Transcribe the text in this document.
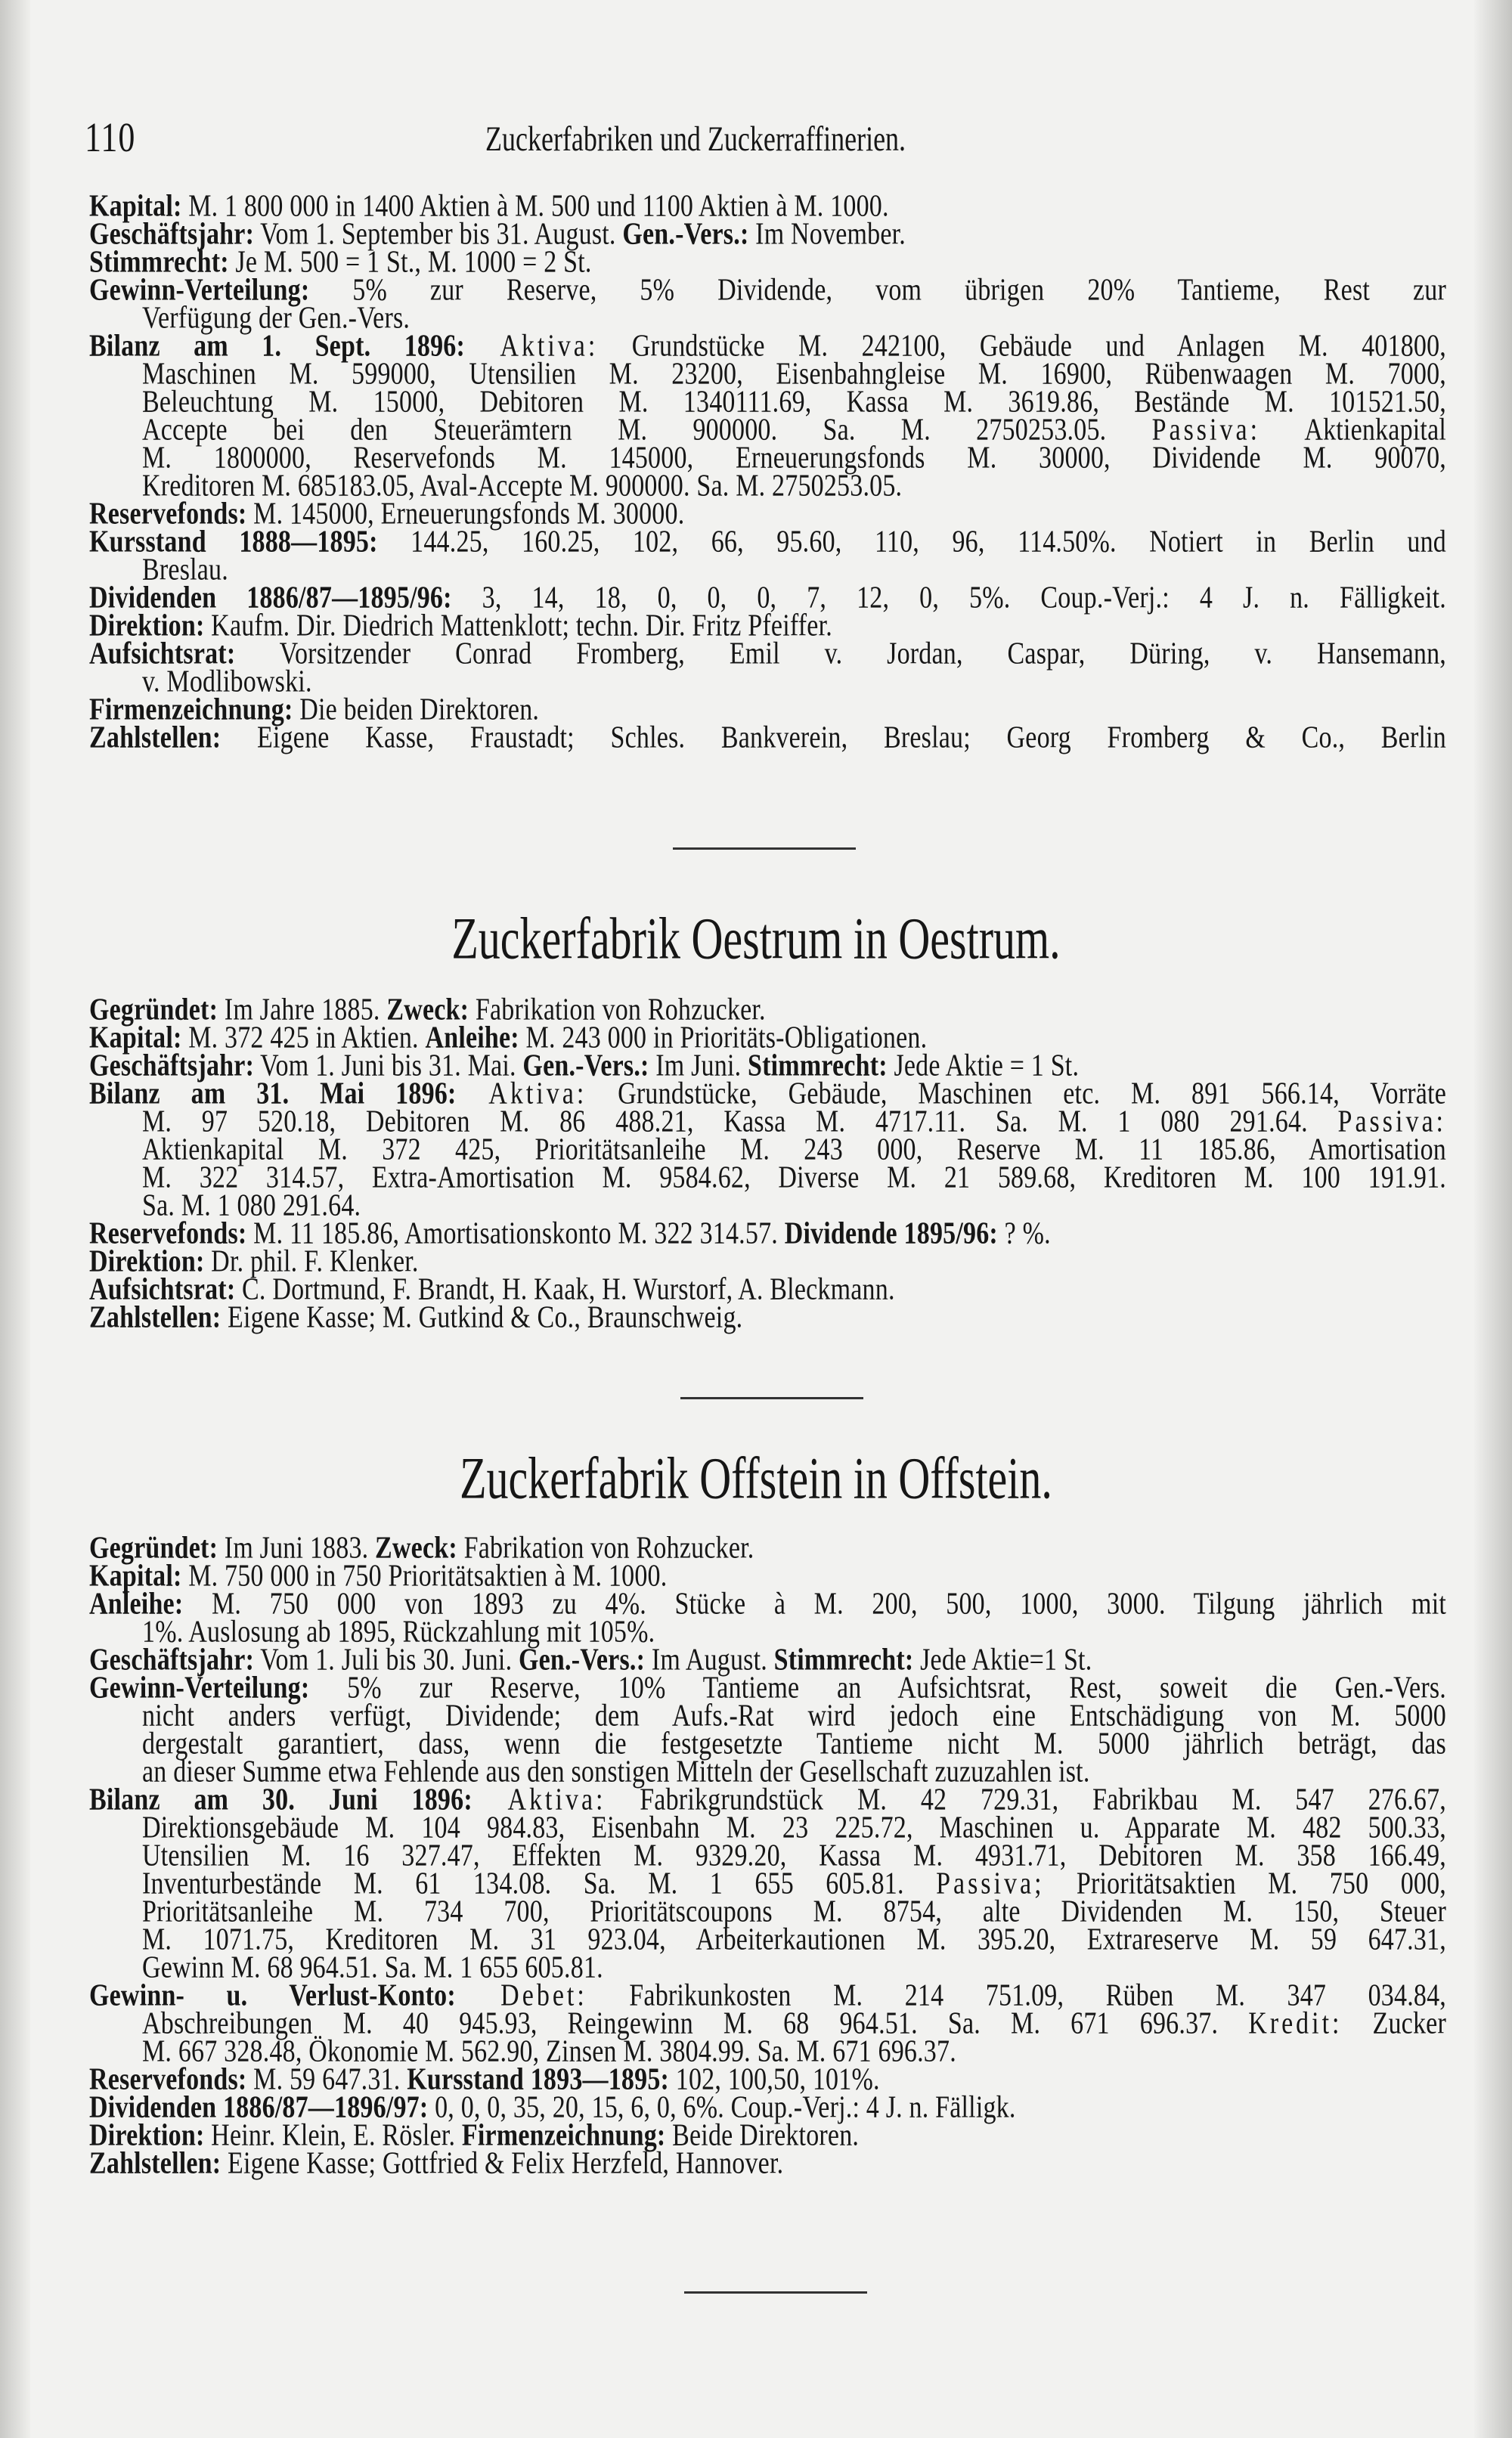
110	Zuckerfabriken und Zuckerraffinerien.
Kapital: M. 1 800 000 in 1400 Aktien à M. 500 und 1100 Aktien à M. 1000.
Geschäftsjahr: Vom 1. September bis 31. August. Gen.-Vers.: Im November.
Stimmrecht: Je M. 500 = 1 St., M. 1000 = 2 St.
Gewinn-Verteilung: 5% zur Reserve, 5% Dividende, vom übrigen 20% Tantieme, Rest zur
Verfügung der Gen.-Vers.
Bilanz am 1. Sept. 1896: Aktiva: Grundstücke M. 242100, Gebäude und Anlagen M. 401800,
Maschinen M. 599000, Utensilien M. 23200, Eisenbahngleise M. 16900, Rübenwaagen M. 7000,
Beleuchtung M. 15000, Debitoren M. 1340111.69, Kassa M. 3619.86, Bestände M. 101521.50,
Accepte bei den Steuerämtern M. 900000. Sa. M. 2750253.05. Passiva: Aktienkapital
M. 1800000, Reservefonds M. 145000, Erneuerungsfonds M. 30000, Dividende M. 90070,
Kreditoren M. 685183.05, Aval-Accepte M. 900000. Sa. M. 2750253.05.
Reservefonds: M. 145000, Erneuerungsfonds M. 30000.
Kursstand 1888—1895: 144.25, 160.25, 102, 66, 95.60, 110, 96, 114.50%. Notiert in Berlin und
Breslau.
Dividenden 1886/87—1895/96: 3, 14, 18, 0, 0, 0, 7, 12, 0, 5%. Coup.-Verj.: 4 J. n. Fälligkeit.
Direktion: Kaufm. Dir. Diedrich Mattenklott; techn. Dir. Fritz Pfeiffer.
Aufsichtsrat: Vorsitzender Conrad Fromberg, Emil v. Jordan, Caspar, Düring, v. Hansemann,
v. Modlibowski.
Firmenzeichnung: Die beiden Direktoren.
Zahlstellen: Eigene Kasse, Fraustadt; Schles. Bankverein, Breslau; Georg Fromberg & Co., Berlin
Zuckerfabrik Oestrum in Oestrum.
Gegründet: Im Jahre 1885. Zweck: Fabrikation von Rohzucker.
Kapital: M. 372 425 in Aktien. Anleihe: M. 243 000 in Prioritäts-Obligationen.
Geschäftsjahr: Vom 1. Juni bis 31. Mai. Gen.-Vers.: Im Juni. Stimmrecht: Jede Aktie = 1 St.
Bilanz am 31. Mai 1896: Aktiva: Grundstücke, Gebäude, Maschinen etc. M. 891 566.14, Vorräte
M. 97 520.18, Debitoren M. 86 488.21, Kassa M. 4717.11. Sa. M. 1 080 291.64. Passiva:
Aktienkapital M. 372 425, Prioritätsanleihe M. 243 000, Reserve M. 11 185.86, Amortisation
M. 322 314.57, Extra-Amortisation M. 9584.62, Diverse M. 21 589.68, Kreditoren M. 100 191.91.
Sa. M. 1 080 291.64.
Reservefonds: M. 11 185.86, Amortisationskonto M. 322 314.57. Dividende 1895/96: ? %.
Direktion: Dr. phil. F. Klenker.
Aufsichtsrat: C. Dortmund, F. Brandt, H. Kaak, H. Wurstorf, A. Bleckmann.
Zahlstellen: Eigene Kasse; M. Gutkind & Co., Braunschweig.
Zuckerfabrik Offstein in Offstein.
Gegründet: Im Juni 1883. Zweck: Fabrikation von Rohzucker.
Kapital: M. 750 000 in 750 Prioritätsaktien à M. 1000.
Anleihe: M. 750 000 von 1893 zu 4%. Stücke à M. 200, 500, 1000, 3000. Tilgung jährlich mit
1%. Auslosung ab 1895, Rückzahlung mit 105%.
Geschäftsjahr: Vom 1. Juli bis 30. Juni. Gen.-Vers.: Im August. Stimmrecht: Jede Aktie=1 St.
Gewinn-Verteilung: 5% zur Reserve, 10% Tantieme an Aufsichtsrat, Rest, soweit die Gen.-Vers.
nicht anders verfügt, Dividende; dem Aufs.-Rat wird jedoch eine Entschädigung von M. 5000
dergestalt garantiert, dass, wenn die festgesetzte Tantieme nicht M. 5000 jährlich beträgt, das
an dieser Summe etwa Fehlende aus den sonstigen Mitteln der Gesellschaft zuzuzahlen ist.
Bilanz am 30. Juni 1896: Aktiva: Fabrikgrundstück M. 42 729.31, Fabrikbau M. 547 276.67,
Direktionsgebäude M. 104 984.83, Eisenbahn M. 23 225.72, Maschinen u. Apparate M. 482 500.33,
Utensilien M. 16 327.47, Effekten M. 9329.20, Kassa M. 4931.71, Debitoren M. 358 166.49,
Inventurbestände M. 61 134.08. Sa. M. 1 655 605.81. Passiva; Prioritätsaktien M. 750 000,
Prioritätsanleihe M. 734 700, Prioritätscoupons M. 8754, alte Dividenden M. 150, Steuer
M. 1071.75, Kreditoren M. 31 923.04, Arbeiterkautionen M. 395.20, Extrareserve M. 59 647.31,
Gewinn M. 68 964.51. Sa. M. 1 655 605.81.
Gewinn- u. Verlust-Konto: Debet: Fabrikunkosten M. 214 751.09, Rüben M. 347 034.84,
Abschreibungen M. 40 945.93, Reingewinn M. 68 964.51. Sa. M. 671 696.37. Kredit: Zucker
M. 667 328.48, Ökonomie M. 562.90, Zinsen M. 3804.99. Sa. M. 671 696.37.
Reservefonds: M. 59 647.31. Kursstand 1893—1895: 102, 100,50, 101%.
Dividenden 1886/87—1896/97: 0, 0, 0, 35, 20, 15, 6, 0, 6%. Coup.-Verj.: 4 J. n. Fälligk.
Direktion: Heinr. Klein, E. Rösler. Firmenzeichnung: Beide Direktoren.
Zahlstellen: Eigene Kasse; Gottfried & Felix Herzfeld, Hannover.
